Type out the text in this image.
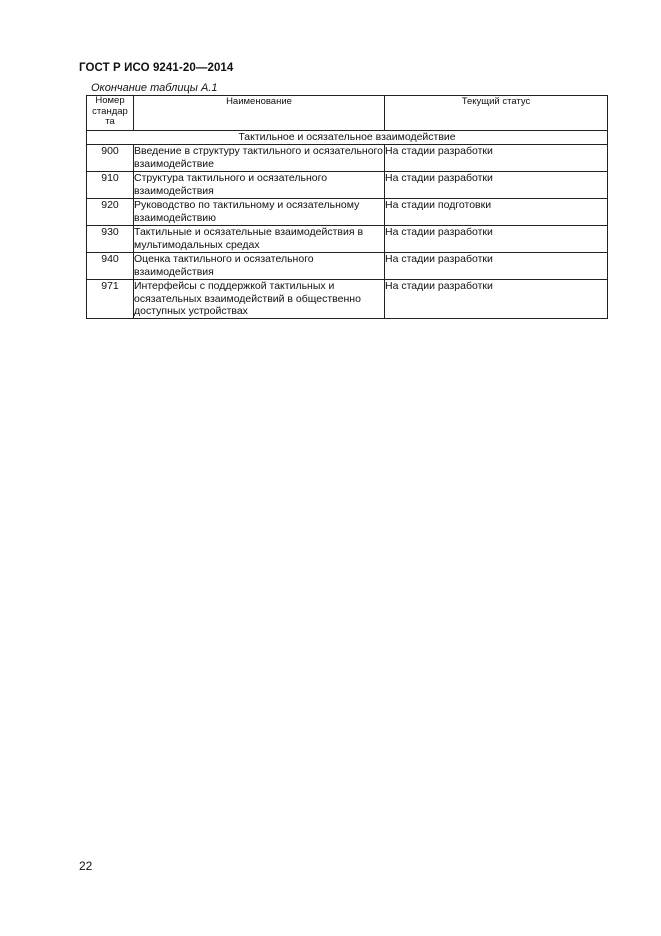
ГОСТ Р ИСО 9241-20—2014
Окончание таблицы А.1
Номер стандар та	Наименование	Текущий статус
Тактильное и осязательное взаимодействие		
900	Введение в структуру тактильного и осязательного взаимодействие	На стадии разработки
910	Структура тактильного и осязательного взаимодействия	На стадии разработки
920	Руководство по тактильному и осязательному взаимодействию	На стадии подготовки
930	Тактильные и осязательные взаимодействия в мультимодальных средах	На стадии разработки
940	Оценка тактильного и осязательного взаимодействия	На стадии разработки
971	Интерфейсы с поддержкой тактильных и осязательных взаимодействий в общественно доступных устройствах	На стадии разработки
22
